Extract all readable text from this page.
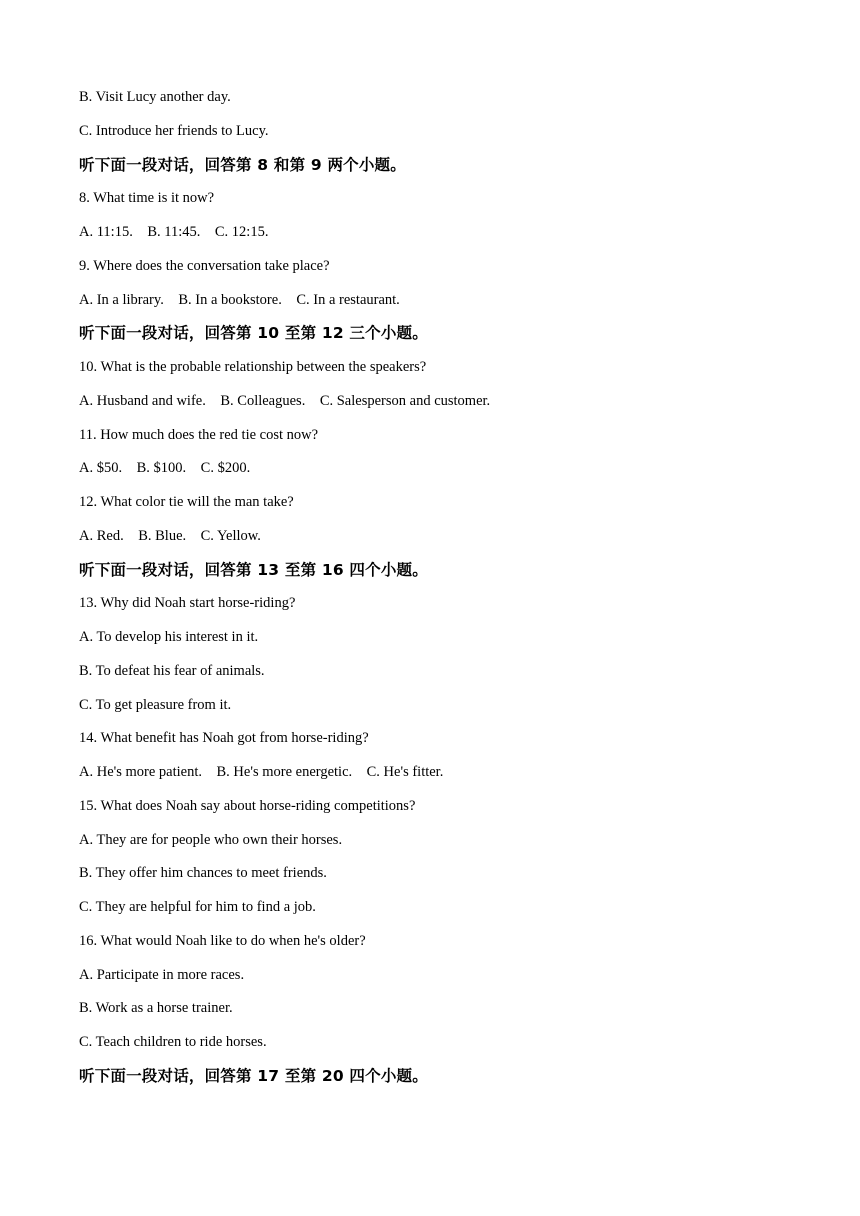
B. Visit Lucy another day.
C. Introduce her friends to Lucy.
听下面一段对话，回答第 8 和第 9 两个小题。
8. What time is it now?
A. 11:15.    B. 11:45.    C. 12:15.
9. Where does the conversation take place?
A. In a library.    B. In a bookstore.    C. In a restaurant.
听下面一段对话，回答第 10 至第 12 三个小题。
10. What is the probable relationship between the speakers?
A. Husband and wife.    B. Colleagues.    C. Salesperson and customer.
11. How much does the red tie cost now?
A. $50.    B. $100.    C. $200.
12. What color tie will the man take?
A. Red.    B. Blue.    C. Yellow.
听下面一段对话，回答第 13 至第 16 四个小题。
13. Why did Noah start horse-riding?
A. To develop his interest in it.
B. To defeat his fear of animals.
C. To get pleasure from it.
14. What benefit has Noah got from horse-riding?
A. He's more patient.    B. He's more energetic.    C. He's fitter.
15. What does Noah say about horse-riding competitions?
A. They are for people who own their horses.
B. They offer him chances to meet friends.
C. They are helpful for him to find a job.
16. What would Noah like to do when he's older?
A. Participate in more races.
B. Work as a horse trainer.
C. Teach children to ride horses.
听下面一段对话，回答第 17 至第 20 四个小题。
